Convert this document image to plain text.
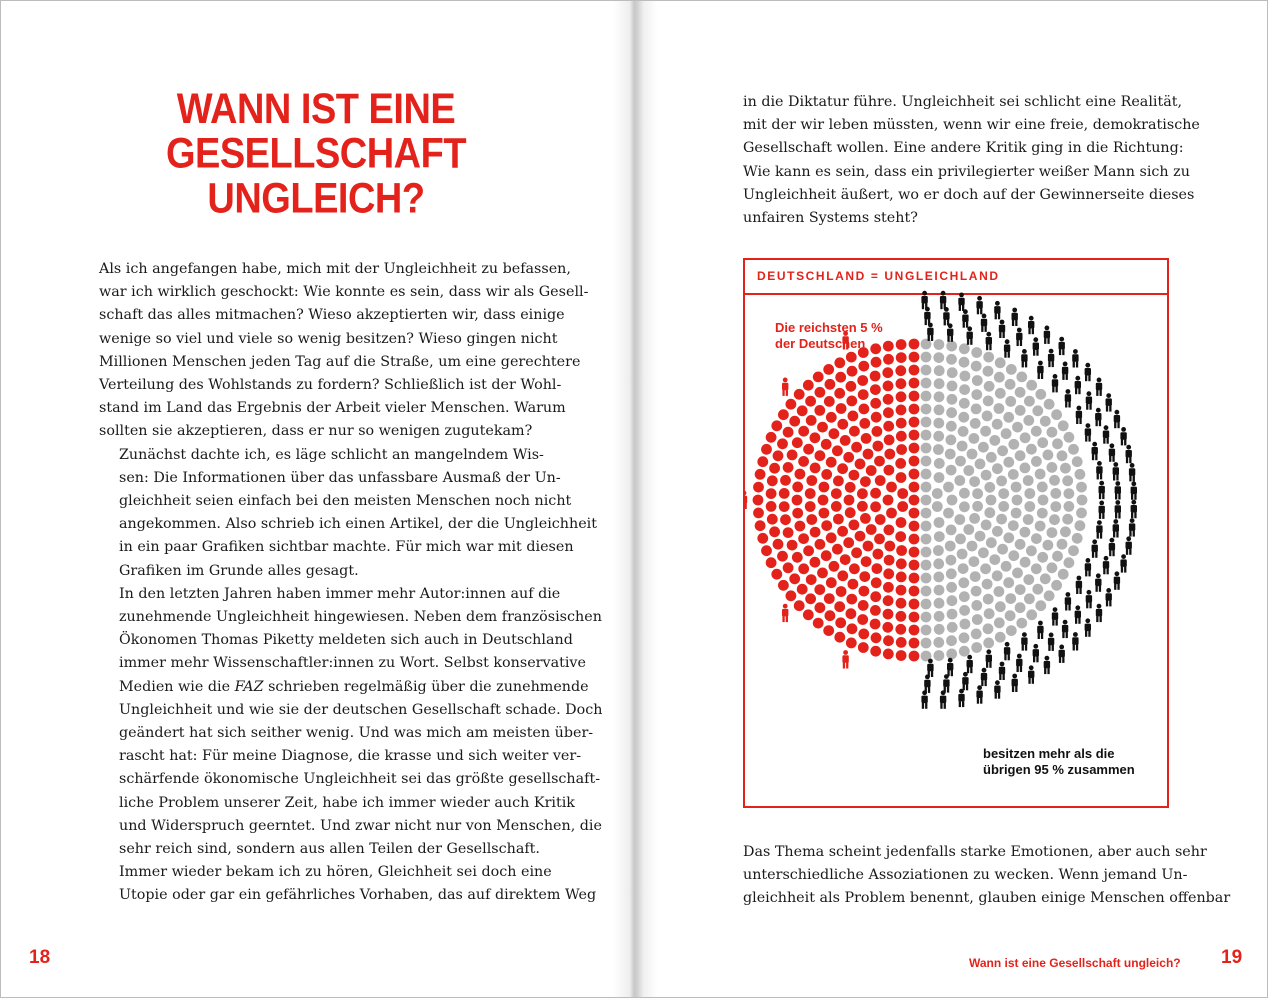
WANN IST EINE
GESELLSCHAFT
UNGLEICH?

Als ich angefangen habe, mich mit der Ungleichheit zu befassen,
war ich wirklich geschockt: Wie konnte es sein, dass wir als Gesell-
schaft das alles mitmachen? Wieso akzeptierten wir, dass einige
wenige so viel und viele so wenig besitzen? Wieso gingen nicht
Millionen Menschen jeden Tag auf die Straße, um eine gerechtere
Verteilung des Wohlstands zu fordern? Schließlich ist der Wohl-
stand im Land das Ergebnis der Arbeit vieler Menschen. Warum
sollten sie akzeptieren, dass er nur so wenigen zugutekam?

Zunächst dachte ich, es läge schlicht an mangelndem Wis-
sen: Die Informationen über das unfassbare Ausmaß der Un-
gleichheit seien einfach bei den meisten Menschen noch nicht
angekommen. Also schrieb ich einen Artikel, der die Ungleichheit
in ein paar Grafiken sichtbar machte. Für mich war mit diesen
Grafiken im Grunde alles gesagt.

In den letzten Jahren haben immer mehr Autor:innen auf die
zunehmende Ungleichheit hingewiesen. Neben dem französischen
Ökonomen Thomas Piketty meldeten sich auch in Deutschland
immer mehr Wissenschaftler:innen zu Wort. Selbst konservative
Medien wie die FAZ schrieben regelmäßig über die zunehmende
Ungleichheit und wie sie der deutschen Gesellschaft schade. Doch
geändert hat sich seither wenig. Und was mich am meisten über-
rascht hat: Für meine Diagnose, die krasse und sich weiter ver-
schärfende ökonomische Ungleichheit sei das größte gesellschaft-
liche Problem unserer Zeit, habe ich immer wieder auch Kritik
und Widerspruch geerntet. Und zwar nicht nur von Menschen, die
sehr reich sind, sondern aus allen Teilen der Gesellschaft.

Immer wieder bekam ich zu hören, Gleichheit sei doch eine
Utopie oder gar ein gefährliches Vorhaben, das auf direktem Weg

18
in die Diktatur führe. Ungleichheit sei schlicht eine Realität,
mit der wir leben müssten, wenn wir eine freie, demokratische
Gesellschaft wollen. Eine andere Kritik ging in die Richtung:
Wie kann es sein, dass ein privilegierter weißer Mann sich zu
Ungleichheit äußert, wo er doch auf der Gewinnerseite dieses
unfairen Systems steht?
DEUTSCHLAND = UNGLEICHLAND
Die reichsten 5 %
der Deutschen
besitzen mehr als die
übrigen 95 % zusammen
Das Thema scheint jedenfalls starke Emotionen, aber auch sehr
unterschiedliche Assoziationen zu wecken. Wenn jemand Un-
gleichheit als Problem benennt, glauben einige Menschen offenbar
Wann ist eine Gesellschaft ungleich? 19
